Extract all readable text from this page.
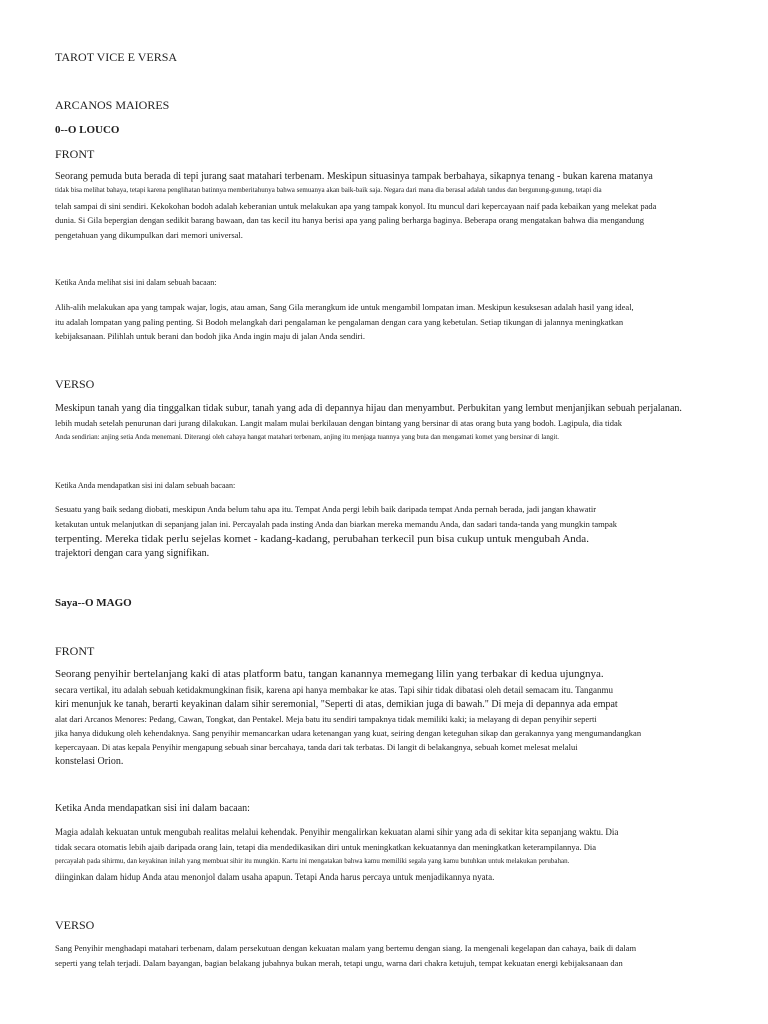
TAROT VICE E VERSA

ARCANOS MAIORES

0--O LOUCO

FRONT

Seorang pemuda buta berada di tepi jurang saat matahari terbenam. Meskipun situasinya tampak berbahaya, sikapnya tenang - bukan karena matanya

tidak bisa melihat bahaya, tetapi karena penglihatan batinnya memberitahunya bahwa semuanya akan baik-baik saja. Negara dari mana dia berasal adalah tandus dan bergunung-gunung, tetapi dia

telah sampai di sini sendiri. Kekokohan bodoh adalah keberanian untuk melakukan apa yang tampak konyol. Itu muncul dari kepercayaan naif pada kebaikan yang melekat pada

dunia. Si Gila bepergian dengan sedikit barang bawaan, dan tas kecil itu hanya berisi apa yang paling berharga baginya. Beberapa orang mengatakan bahwa dia mengandung

pengetahuan yang dikumpulkan dari memori universal.

Ketika Anda melihat sisi ini dalam sebuah bacaan:

Alih-alih melakukan apa yang tampak wajar, logis, atau aman, Sang Gila merangkum ide untuk mengambil lompatan iman. Meskipun kesuksesan adalah hasil yang ideal,

itu adalah lompatan yang paling penting. Si Bodoh melangkah dari pengalaman ke pengalaman dengan cara yang kebetulan. Setiap tikungan di jalannya meningkatkan

kebijaksanaan. Pilihlah untuk berani dan bodoh jika Anda ingin maju di jalan Anda sendiri.

VERSO

Meskipun tanah yang dia tinggalkan tidak subur, tanah yang ada di depannya hijau dan menyambut. Perbukitan yang lembut menjanjikan sebuah perjalanan.

lebih mudah setelah penurunan dari jurang dilakukan. Langit malam mulai berkilauan dengan bintang yang bersinar di atas orang buta yang bodoh. Lagipula, dia tidak

Anda sendirian: anjing setia Anda menemani. Diterangi oleh cahaya hangat matahari terbenam, anjing itu menjaga tuannya yang buta dan mengamati komet yang bersinar di langit.

Ketika Anda mendapatkan sisi ini dalam sebuah bacaan:

Sesuatu yang baik sedang diobati, meskipun Anda belum tahu apa itu. Tempat Anda pergi lebih baik daripada tempat Anda pernah berada, jadi jangan khawatir

ketakutan untuk melanjutkan di sepanjang jalan ini. Percayalah pada insting Anda dan biarkan mereka memandu Anda, dan sadari tanda-tanda yang mungkin tampak

terpenting. Mereka tidak perlu sejelas komet - kadang-kadang, perubahan terkecil pun bisa cukup untuk mengubah Anda.

trajektori dengan cara yang signifikan.

Saya--O MAGO

FRONT

Seorang penyihir bertelanjang kaki di atas platform batu, tangan kanannya memegang lilin yang terbakar di kedua ujungnya.

secara vertikal, itu adalah sebuah ketidakmungkinan fisik, karena api hanya membakar ke atas. Tapi sihir tidak dibatasi oleh detail semacam itu. Tanganmu

kiri menunjuk ke tanah, berarti keyakinan dalam sihir seremonial, "Seperti di atas, demikian juga di bawah." Di meja di depannya ada empat

alat dari Arcanos Menores: Pedang, Cawan, Tongkat, dan Pentakel. Meja batu itu sendiri tampaknya tidak memiliki kaki; ia melayang di depan penyihir seperti

jika hanya didukung oleh kehendaknya. Sang penyihir memancarkan udara ketenangan yang kuat, seiring dengan keteguhan sikap dan gerakannya yang mengumandangkan

kepercayaan. Di atas kepala Penyihir mengapung sebuah sinar bercahaya, tanda dari tak terbatas. Di langit di belakangnya, sebuah komet melesat melalui

konstelasi Orion.

Ketika Anda mendapatkan sisi ini dalam bacaan:

Magia adalah kekuatan untuk mengubah realitas melalui kehendak. Penyihir mengalirkan kekuatan alami sihir yang ada di sekitar kita sepanjang waktu. Dia

tidak secara otomatis lebih ajaib daripada orang lain, tetapi dia mendedikasikan diri untuk meningkatkan kekuatannya dan meningkatkan keterampilannya. Dia

percayalah pada sihirmu, dan keyakinan inilah yang membuat sihir itu mungkin. Kartu ini mengatakan bahwa kamu memiliki segala yang kamu butuhkan untuk melakukan perubahan.

diinginkan dalam hidup Anda atau menonjol dalam usaha apapun. Tetapi Anda harus percaya untuk menjadikannya nyata.

VERSO

Sang Penyihir menghadapi matahari terbenam, dalam persekutuan dengan kekuatan malam yang bertemu dengan siang. Ia mengenali kegelapan dan cahaya, baik di dalam

seperti yang telah terjadi. Dalam bayangan, bagian belakang jubahnya bukan merah, tetapi ungu, warna dari chakra ketujuh, tempat kekuatan energi kebijaksanaan dan
